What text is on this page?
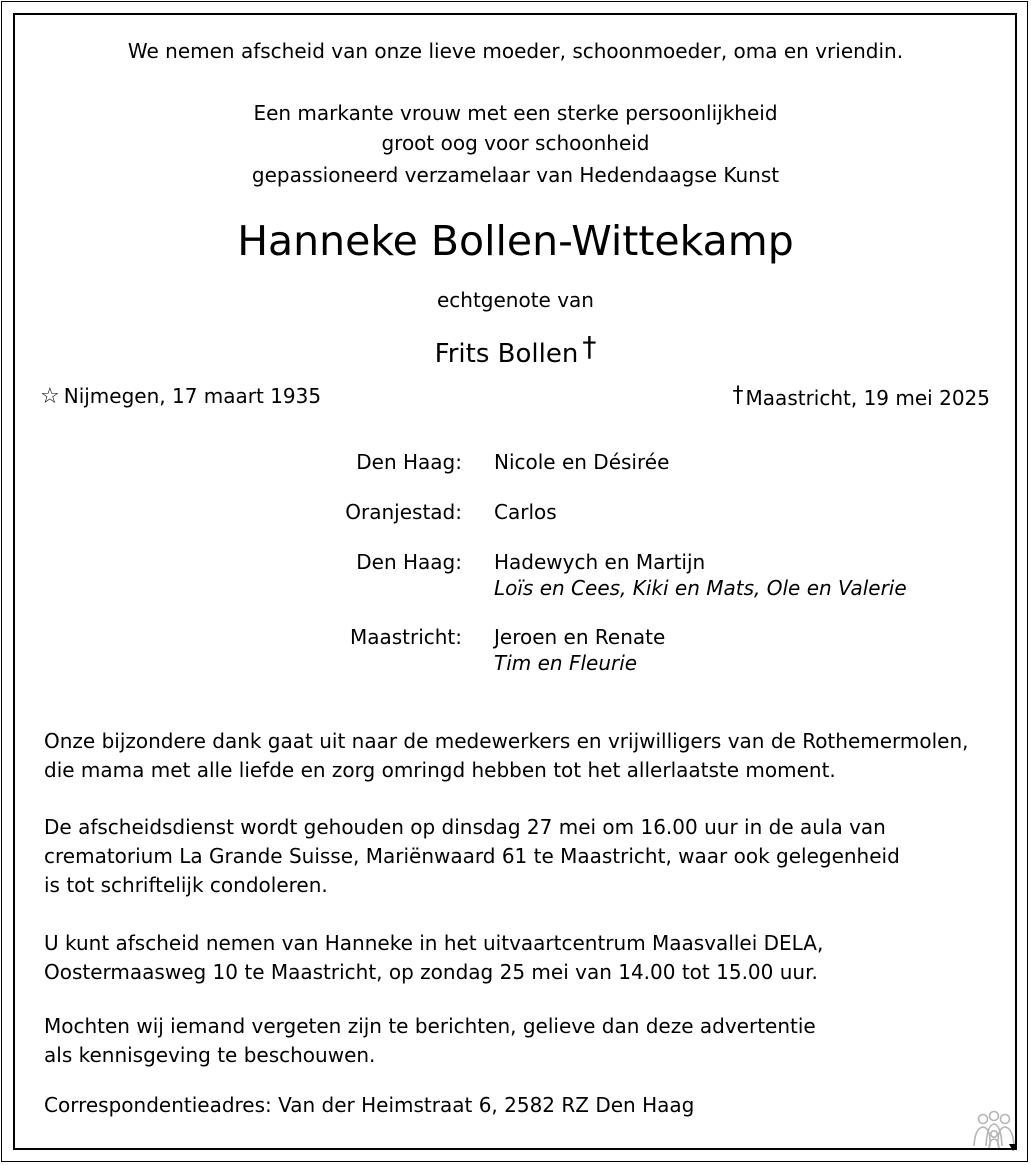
We nemen afscheid van onze lieve moeder, schoonmoeder, oma en vriendin.
Een markante vrouw met een sterke persoonlijkheid
groot oog voor schoonheid
gepassioneerd verzamelaar van Hedendaagse Kunst
Hanneke Bollen-Wittekamp
echtgenote van
Frits Bollen †
☆ Nijmegen, 17 maart 1935	† Maastricht, 19 mei 2025
Den Haag: Nicole en Désirée
Oranjestad: Carlos
Den Haag: Hadewych en Martijn
Loïs en Cees, Kiki en Mats, Ole en Valerie
Maastricht: Jeroen en Renate
Tim en Fleurie
Onze bijzondere dank gaat uit naar de medewerkers en vrijwilligers van de Rothemermolen,
die mama met alle liefde en zorg omringd hebben tot het allerlaatste moment.
De afscheidsdienst wordt gehouden op dinsdag 27 mei om 16.00 uur in de aula van
crematorium La Grande Suisse, Mariënwaard 61 te Maastricht, waar ook gelegenheid
is tot schriftelijk condoleren.
U kunt afscheid nemen van Hanneke in het uitvaartcentrum Maasvallei DELA,
Oostermaasweg 10 te Maastricht, op zondag 25 mei van 14.00 tot 15.00 uur.
Mochten wij iemand vergeten zijn te berichten, gelieve dan deze advertentie
als kennisgeving te beschouwen.
Correspondentieadres: Van der Heimstraat 6, 2582 RZ Den Haag
